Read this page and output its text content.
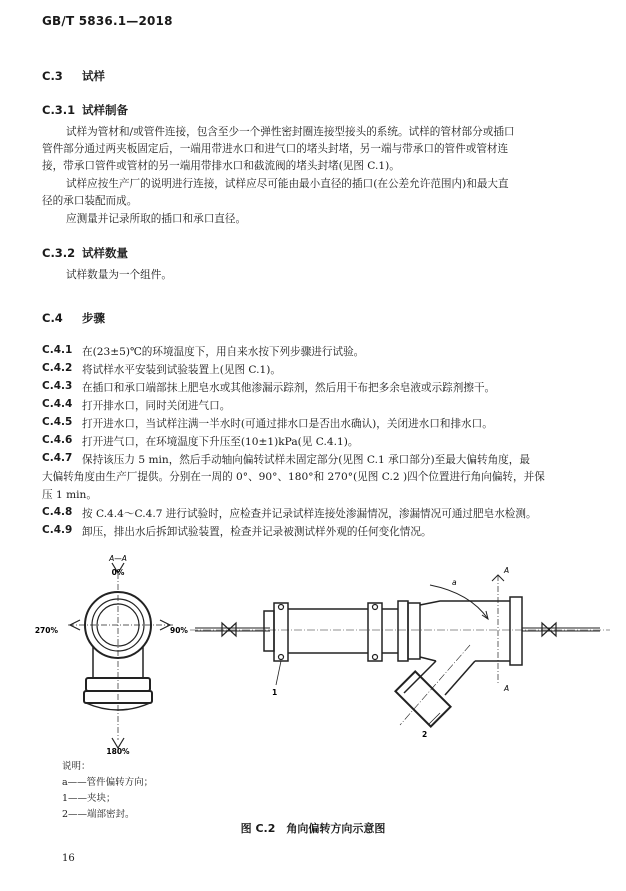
GB/T 5836.1—2018
C.3 试样
C.3.1 试样制备
试样为管材和/或管件连接，包含至少一个弹性密封圈连接型接头的系统。试样的管材部分或插口
管件部分通过两夹板固定后，一端用带进水口和进气口的堵头封堵，另一端与带承口的管件或管材连
接，带承口管件或管材的另一端用带排水口和截流阀的堵头封堵(见图 C.1)。
试样应按生产厂的说明进行连接，试样应尽可能由最小直径的插口(在公差允许范围内)和最大直
径的承口装配而成。
应测量并记录所取的插口和承口直径。
C.3.2 试样数量
试样数量为一个组件。
C.4 步骤
C.4.1 在(23±5)℃的环境温度下，用自来水按下列步骤进行试验。
C.4.2 将试样水平安装到试验装置上(见图 C.1)。
C.4.3 在插口和承口端部抹上肥皂水或其他渗漏示踪剂，然后用干布把多余皂液或示踪剂擦干。
C.4.4 打开排水口，同时关闭进气口。
C.4.5 打开进水口，当试样注满一半水时(可通过排水口是否出水确认)，关闭进水口和排水口。
C.4.6 打开进气口，在环境温度下升压至(10±1)kPa(见 C.4.1)。
C.4.7 保持该压力 5 min，然后手动轴向偏转试样未固定部分(见图 C.1 承口部分)至最大偏转角度，最
大偏转角度由生产厂提供。分别在一周的 0°、90°、180°和 270°(见图 C.2 )四个位置进行角向偏转，并保
压 1 min。
C.4.8 按 C.4.4～C.4.7 进行试验时，应检查并记录试样连接处渗漏情况，渗漏情况可通过肥皂水检测。
C.4.9 卸压，排出水后拆卸试验装置，检查并记录被测试样外观的任何变化情况。
A—A
0%
270%	90%
180%
a
A
A
1
2
说明：
a——管件偏转方向；
1——夹块；
2——端部密封。
图 C.2　角向偏转方向示意图
16
